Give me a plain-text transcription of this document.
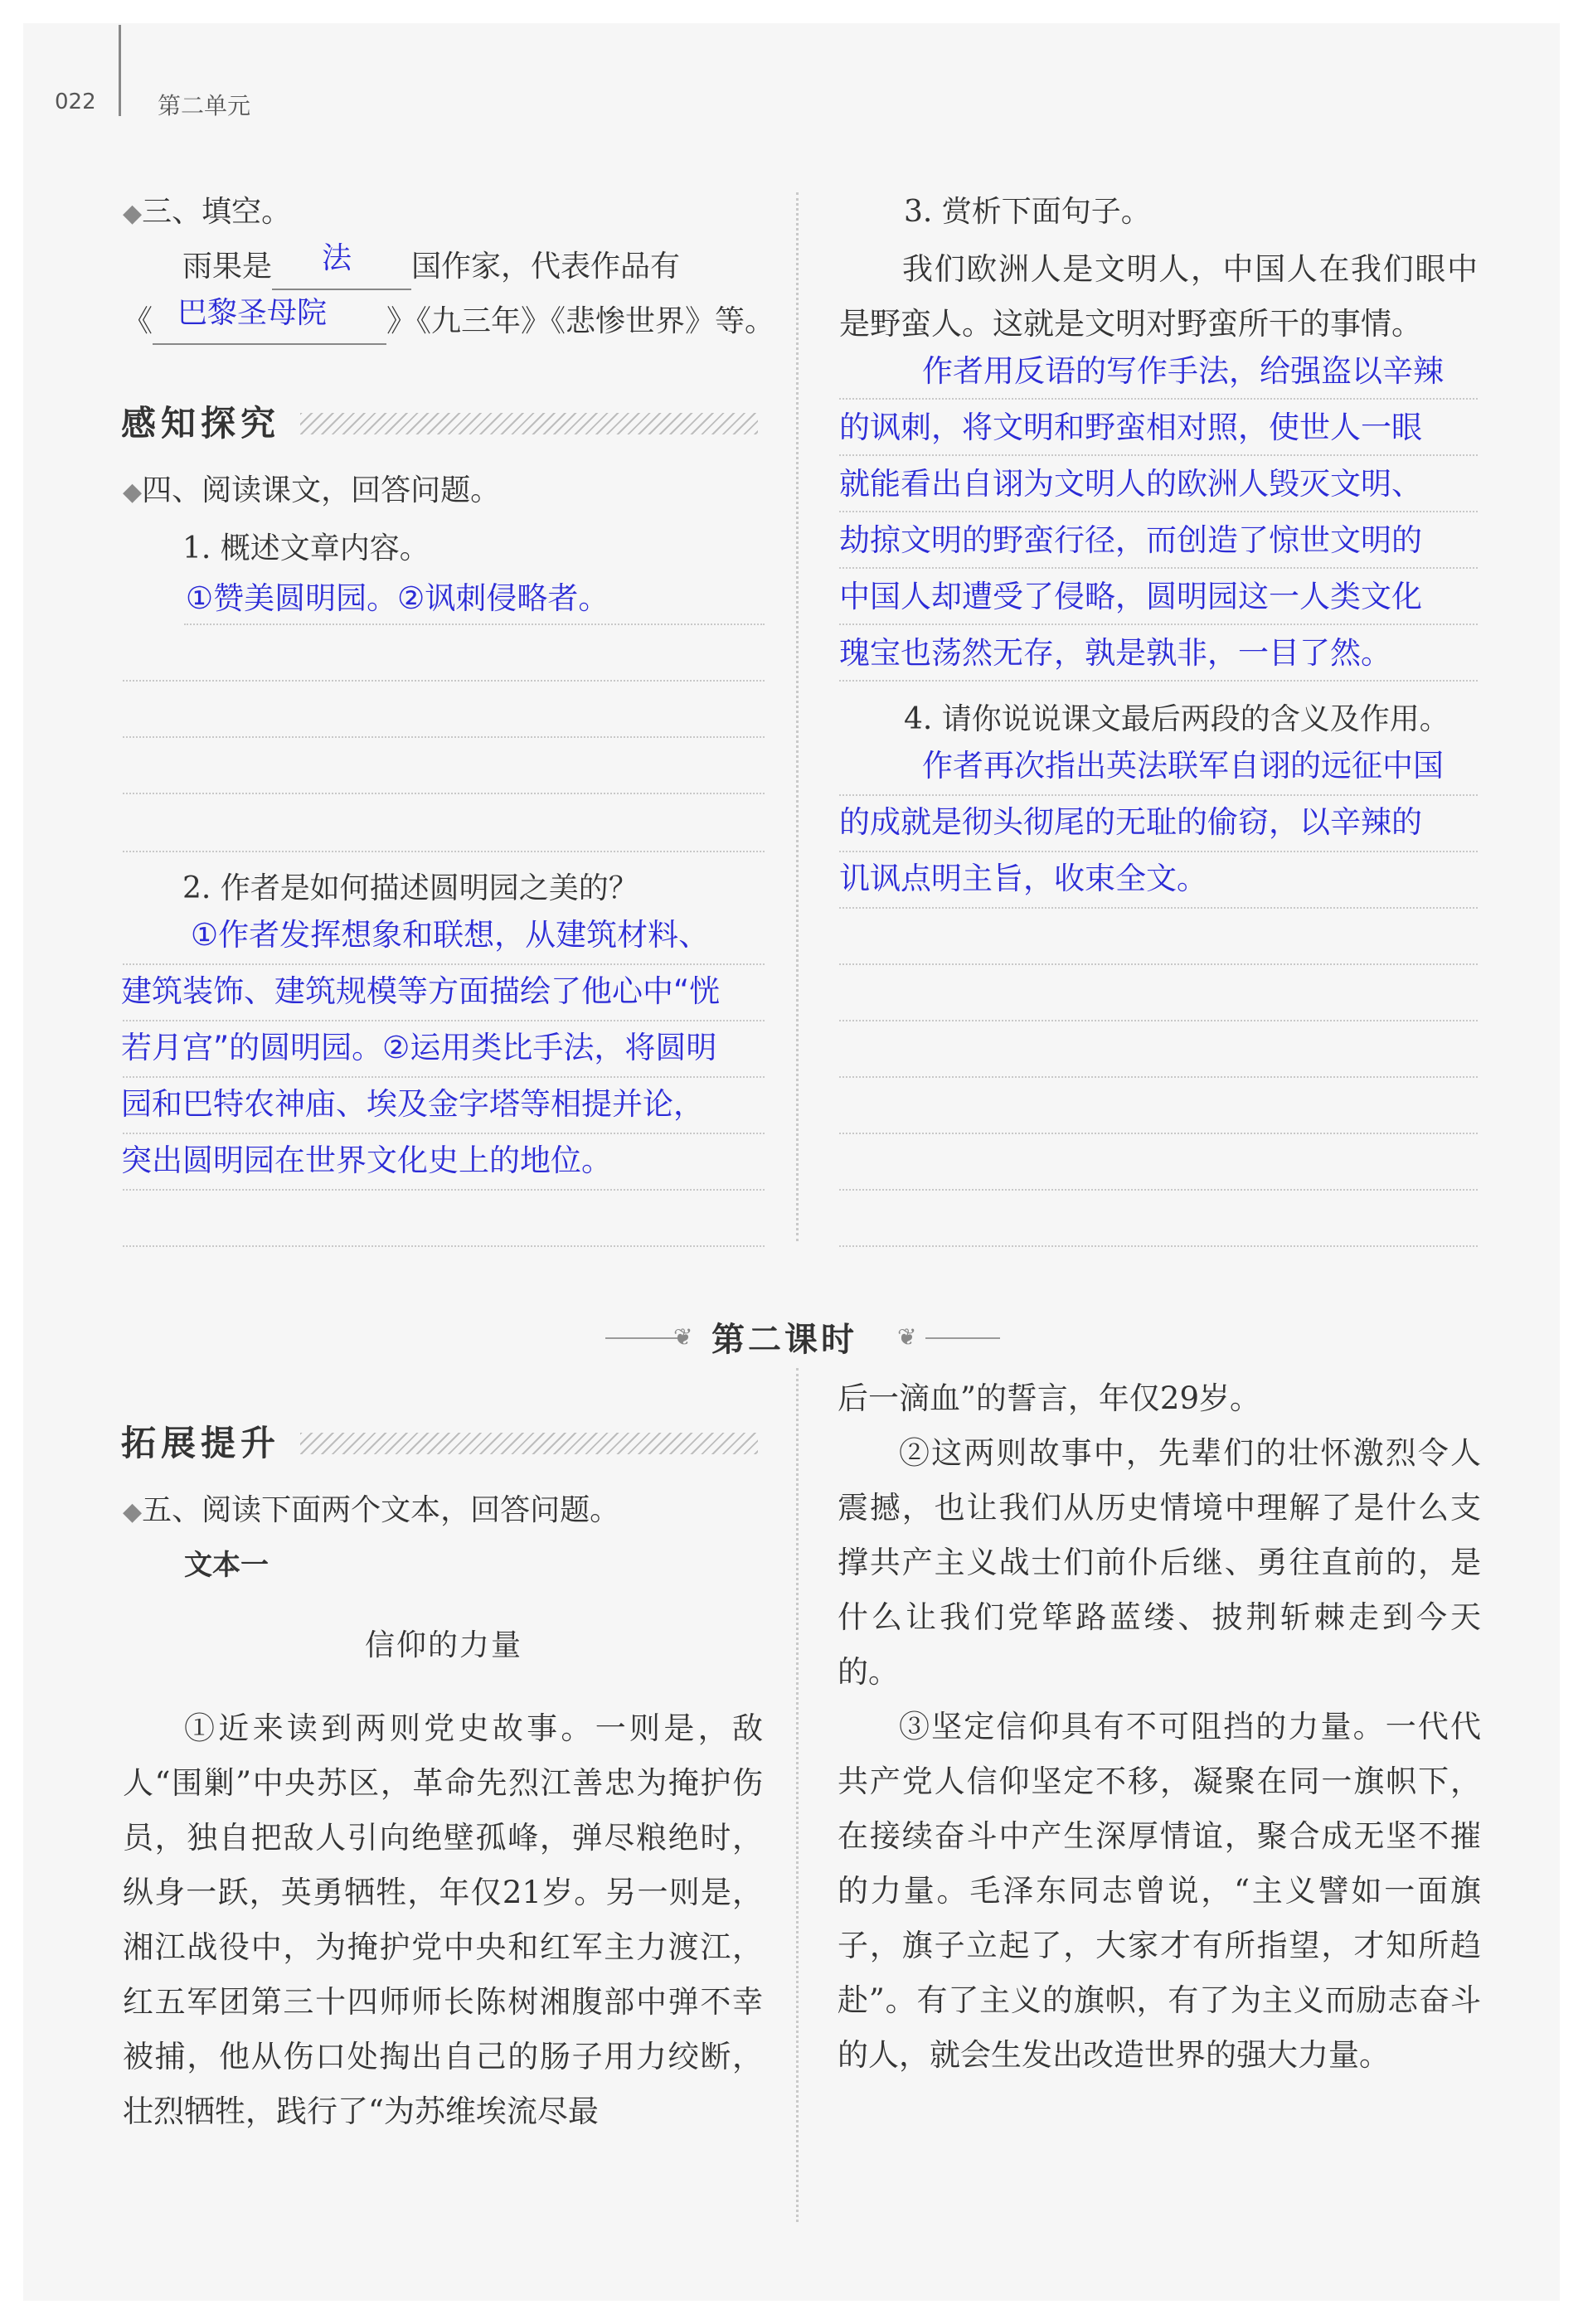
022	第二单元
◆三、填空。
雨果是 法 国作家，代表作品有
《 巴黎圣母院 》《九三年》《悲惨世界》等。
感知探究
◆四、阅读课文，回答问题。
1. 概述文章内容。
①赞美圆明园。②讽刺侵略者。
2. 作者是如何描述圆明园之美的？
①作者发挥想象和联想，从建筑材料、
建筑装饰、建筑规模等方面描绘了他心中“恍
若月宫”的圆明园。②运用类比手法，将圆明
园和巴特农神庙、埃及金字塔等相提并论，
突出圆明园在世界文化史上的地位。
3. 赏析下面句子。
我们欧洲人是文明人，中国人在我们眼中是野蛮人。这就是文明对野蛮所干的事情。
作者用反语的写作手法，给强盗以辛辣
的讽刺，将文明和野蛮相对照，使世人一眼
就能看出自诩为文明人的欧洲人毁灭文明、
劫掠文明的野蛮行径，而创造了惊世文明的
中国人却遭受了侵略，圆明园这一人类文化
瑰宝也荡然无存，孰是孰非，一目了然。
4. 请你说说课文最后两段的含义及作用。
作者再次指出英法联军自诩的远征中国
的成就是彻头彻尾的无耻的偷窃，以辛辣的
讥讽点明主旨，收束全文。
❦	❦
第二课时
拓展提升
◆五、阅读下面两个文本，回答问题。
文本一
信仰的力量
①近来读到两则党史故事。一则是，敌人“围剿”中央苏区，革命先烈江善忠为掩护伤员，独自把敌人引向绝壁孤峰，弹尽粮绝时，纵身一跃，英勇牺牲，年仅21岁。另一则是，湘江战役中，为掩护党中央和红军主力渡江，红五军团第三十四师师长陈树湘腹部中弹不幸被捕，他从伤口处掏出自己的肠子用力绞断，壮烈牺牲，践行了“为苏维埃流尽最
后一滴血”的誓言，年仅29岁。
②这两则故事中，先辈们的壮怀激烈令人震撼，也让我们从历史情境中理解了是什么支撑共产主义战士们前仆后继、勇往直前的，是什么让我们党筚路蓝缕、披荆斩棘走到今天的。
③坚定信仰具有不可阻挡的力量。一代代共产党人信仰坚定不移，凝聚在同一旗帜下，在接续奋斗中产生深厚情谊，聚合成无坚不摧的力量。毛泽东同志曾说，“主义譬如一面旗子，旗子立起了，大家才有所指望，才知所趋赴”。有了主义的旗帜，有了为主义而励志奋斗的人，就会生发出改造世界的强大力量。
